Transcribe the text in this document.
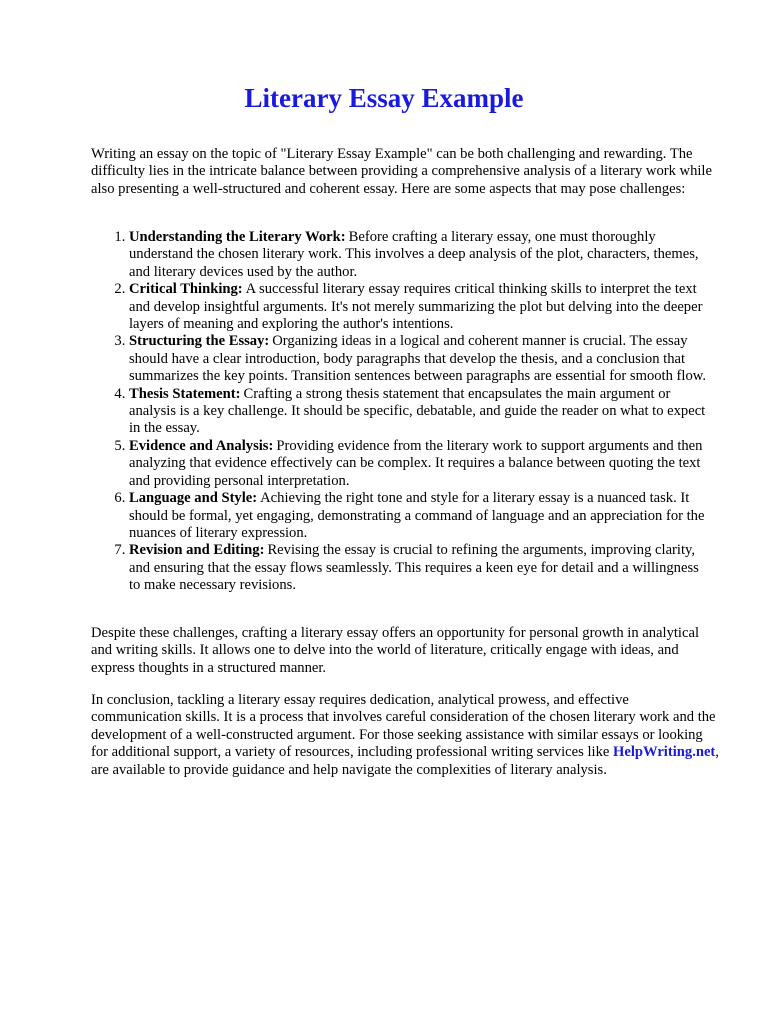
Literary Essay Example

Writing an essay on the topic of "Literary Essay Example" can be both challenging and rewarding. The difficulty lies in the intricate balance between providing a comprehensive analysis of a literary work while also presenting a well-structured and coherent essay. Here are some aspects that may pose challenges:

1. Understanding the Literary Work: Before crafting a literary essay, one must thoroughly understand the chosen literary work. This involves a deep analysis of the plot, characters, themes, and literary devices used by the author.
2. Critical Thinking: A successful literary essay requires critical thinking skills to interpret the text and develop insightful arguments. It's not merely summarizing the plot but delving into the deeper layers of meaning and exploring the author's intentions.
3. Structuring the Essay: Organizing ideas in a logical and coherent manner is crucial. The essay should have a clear introduction, body paragraphs that develop the thesis, and a conclusion that summarizes the key points. Transition sentences between paragraphs are essential for smooth flow.
4. Thesis Statement: Crafting a strong thesis statement that encapsulates the main argument or analysis is a key challenge. It should be specific, debatable, and guide the reader on what to expect in the essay.
5. Evidence and Analysis: Providing evidence from the literary work to support arguments and then analyzing that evidence effectively can be complex. It requires a balance between quoting the text and providing personal interpretation.
6. Language and Style: Achieving the right tone and style for a literary essay is a nuanced task. It should be formal, yet engaging, demonstrating a command of language and an appreciation for the nuances of literary expression.
7. Revision and Editing: Revising the essay is crucial to refining the arguments, improving clarity, and ensuring that the essay flows seamlessly. This requires a keen eye for detail and a willingness to make necessary revisions.

Despite these challenges, crafting a literary essay offers an opportunity for personal growth in analytical and writing skills. It allows one to delve into the world of literature, critically engage with ideas, and express thoughts in a structured manner.

In conclusion, tackling a literary essay requires dedication, analytical prowess, and effective communication skills. It is a process that involves careful consideration of the chosen literary work and the development of a well-constructed argument. For those seeking assistance with similar essays or looking for additional support, a variety of resources, including professional writing services like HelpWriting.net, are available to provide guidance and help navigate the complexities of literary analysis.
